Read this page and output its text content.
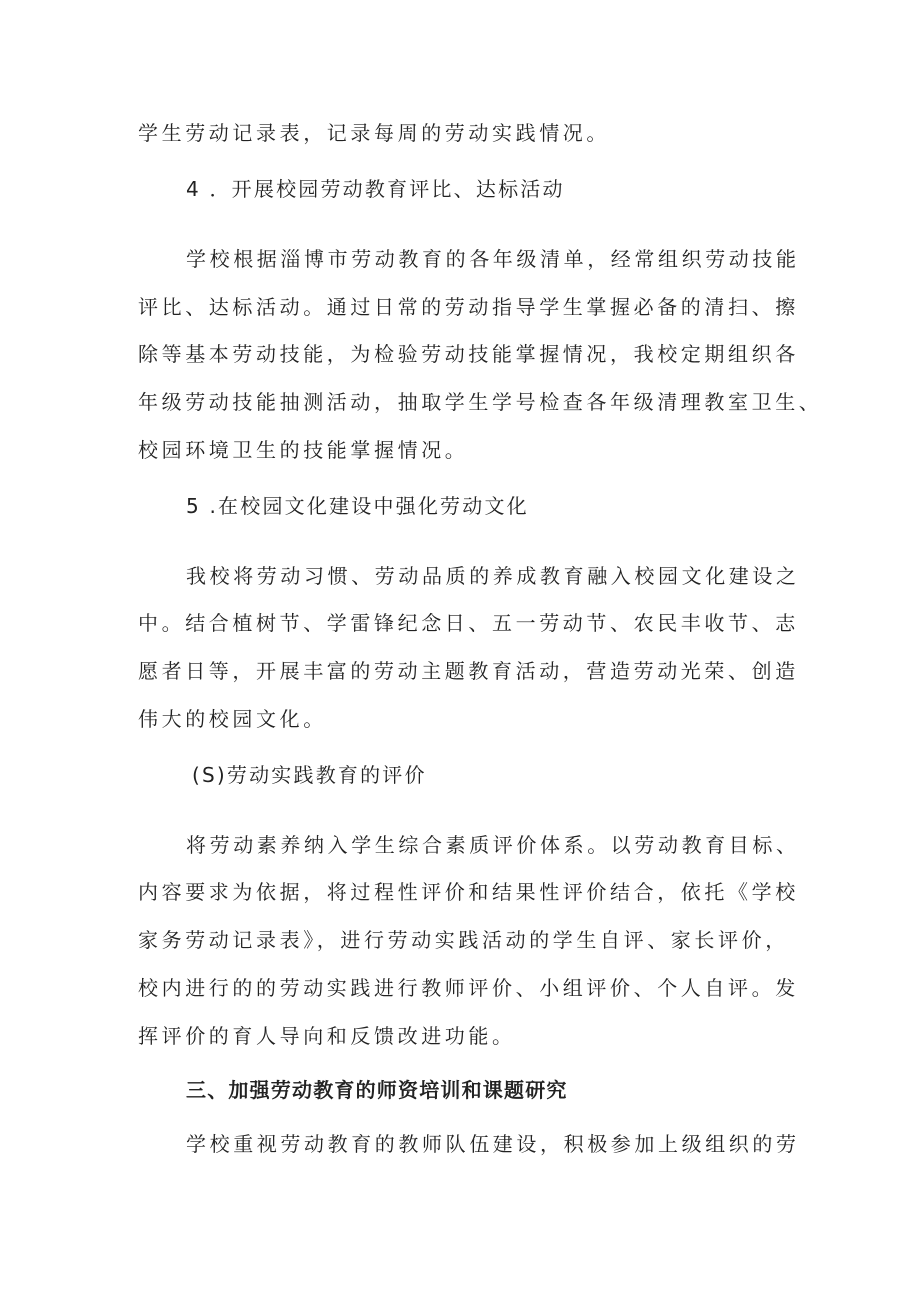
学生劳动记录表，记录每周的劳动实践情况。
4 ．开展校园劳动教育评比、达标活动
学校根据淄博市劳动教育的各年级清单，经常组织劳动技能
评比、达标活动。通过日常的劳动指导学生掌握必备的清扫、擦
除等基本劳动技能，为检验劳动技能掌握情况，我校定期组织各
年级劳动技能抽测活动，抽取学生学号检查各年级清理教室卫生、
校园环境卫生的技能掌握情况。
5 .在校园文化建设中强化劳动文化
我校将劳动习惯、劳动品质的养成教育融入校园文化建设之
中。结合植树节、学雷锋纪念日、五一劳动节、农民丰收节、志
愿者日等，开展丰富的劳动主题教育活动，营造劳动光荣、创造
伟大的校园文化。
(S)劳动实践教育的评价
将劳动素养纳入学生综合素质评价体系。以劳动教育目标、
内容要求为依据，将过程性评价和结果性评价结合，依托《学校
家务劳动记录表》，进行劳动实践活动的学生自评、家长评价，
校内进行的的劳动实践进行教师评价、小组评价、个人自评。发
挥评价的育人导向和反馈改进功能。
三、加强劳动教育的师资培训和课题研究
学校重视劳动教育的教师队伍建设，积极参加上级组织的劳
